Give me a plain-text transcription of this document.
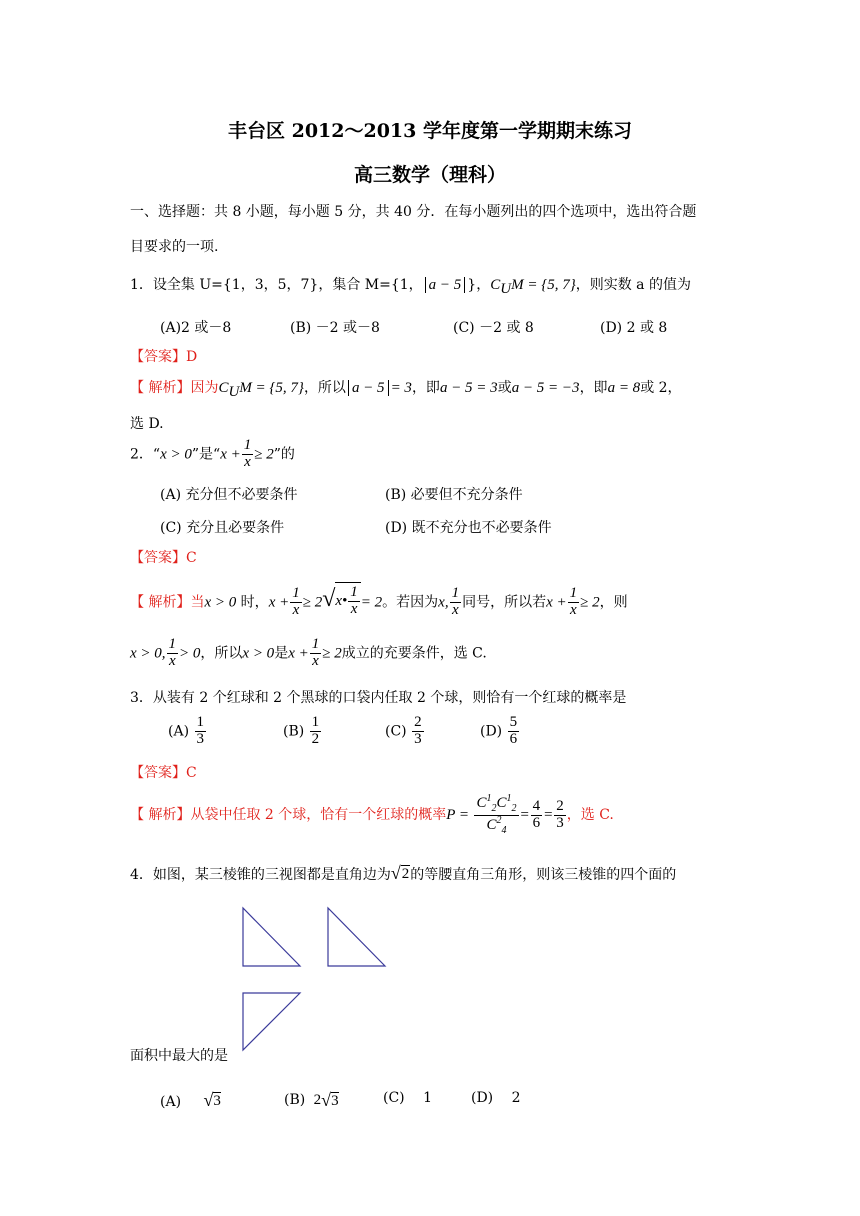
丰台区 2012～2013 学年度第一学期期末练习
高三数学（理科）
一、选择题：共 8 小题，每小题 5 分，共 40 分．在每小题列出的四个选项中，选出符合题
目要求的一项.
1．设全集 U={1，3，5，7}，集合 M={1， a − 5 }，$C_UM = \{5$, 7}，则实数 a 的值为
(A)2 或－8	(B) －2 或－8	(C) －2 或 8	(D) 2 或 8
【答案】D
【 解析】因为$C_UM = \{5$, 7}，所以 a − 5 = 3，即a − 5 = 3或a − 5 = −3，即a = 8或 2，
选 D.
2．“x > 0”是“$x + \frac{1}{x} \ge 2$”的
(A) 充分但不必要条件	(B) 必要但不充分条件
(C) 充分且必要条件	(D) 既不充分也不必要条件
【答案】C
【 解析】当x > 0 时，$x + \frac{1}{x} \ge 2$ √ x• $\frac{1}{x} = 2$。若因为x, $\frac{1}{x}$ 同号，所以若$x + \frac{1}{x} \ge 2$，则
x > 0, $\frac{1}{x} > 0$，所以x > 0是$x + \frac{1}{x} \ge 2$成立的充要条件，选 C.
3．从装有 2 个红球和 2 个黑球的口袋内任取 2 个球，则恰有一个红球的概率是
$(A) \frac{1}{3}$	$(B) \frac{1}{2}$	$(C) \frac{2}{3}$	$(D) \frac{5}{6}$
【答案】C
【 解析】从袋中任取 2 个球，恰有一个红球的概率$P = \frac{C^1_2C^1_2}{C^2_4} = \frac{4}{6} = \frac{2}{3}$ ，选 C.
4．如图，某三棱锥的三视图都是直角边为 √ 2 的等腰直角三角形，则该三棱锥的四个面的
面积中最大的是
(A) √ 3	(B) 2 √ 3	(C) 1	(D) 2
